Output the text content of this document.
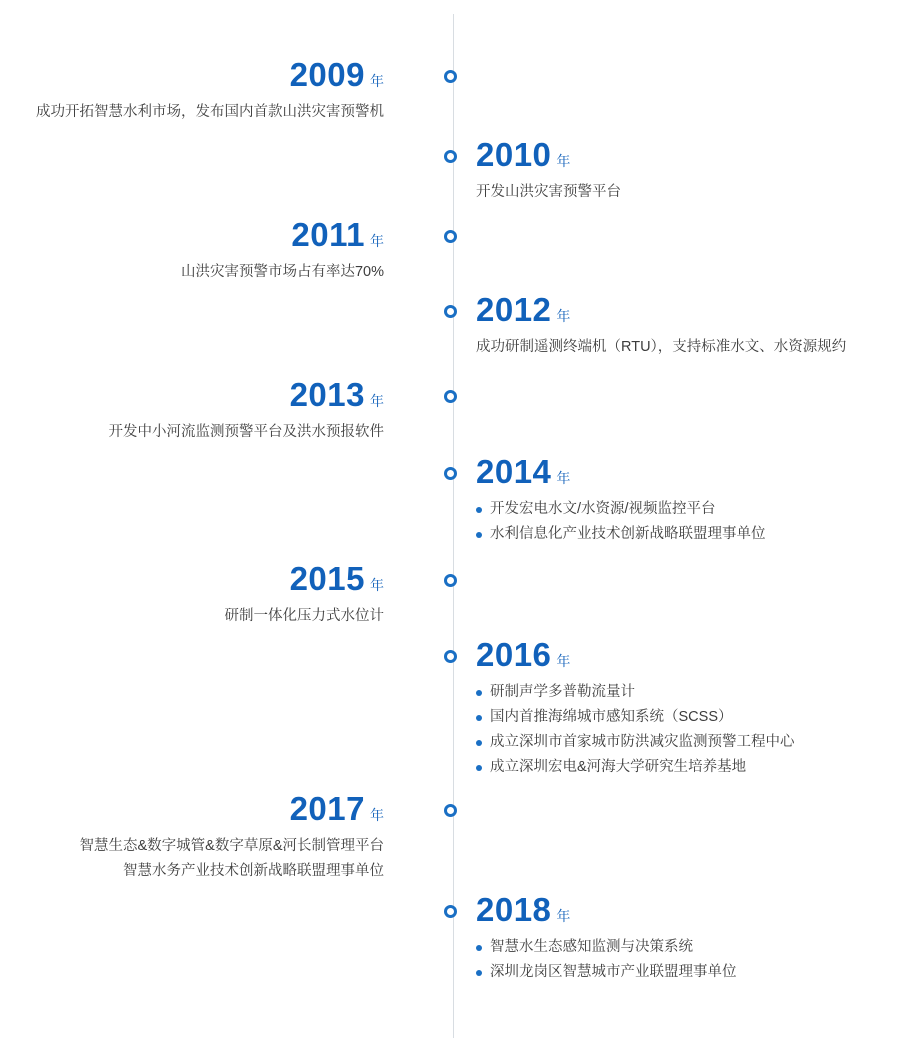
2009 年
成功开拓智慧水利市场，发布国内首款山洪灾害预警机
2010 年
开发山洪灾害预警平台
2011 年
山洪灾害预警市场占有率达70%
2012 年
成功研制遥测终端机（RTU），支持标准水文、水资源规约
2013 年
开发中小河流监测预警平台及洪水预报软件
2014 年
开发宏电水文/水资源/视频监控平台
水利信息化产业技术创新战略联盟理事单位
2015 年
研制一体化压力式水位计
2016 年
研制声学多普勒流量计
国内首推海绵城市感知系统（SCSS）
成立深圳市首家城市防洪减灾监测预警工程中心
成立深圳宏电&河海大学研究生培养基地
2017 年
智慧生态&数字城管&数字草原&河长制管理平台
智慧水务产业技术创新战略联盟理事单位
2018 年
智慧水生态感知监测与决策系统
深圳龙岗区智慧城市产业联盟理事单位
